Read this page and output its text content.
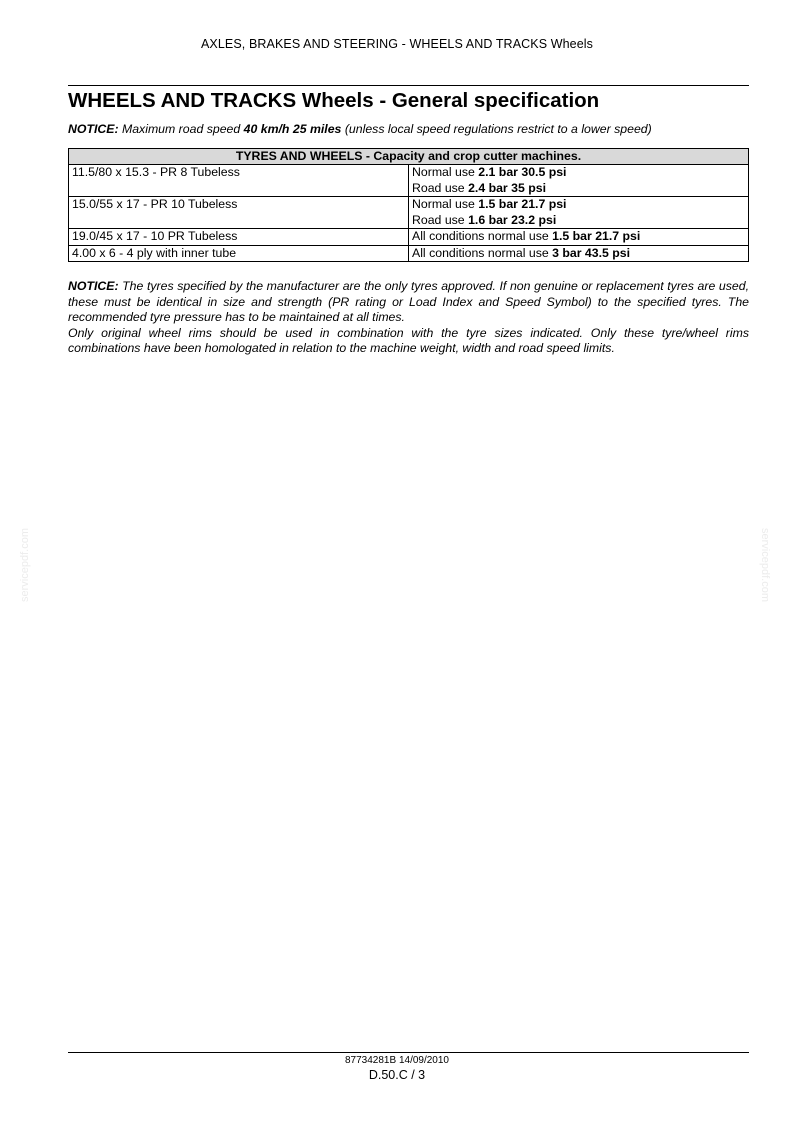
AXLES, BRAKES AND STEERING - WHEELS AND TRACKS Wheels
WHEELS AND TRACKS Wheels - General specification
NOTICE: Maximum road speed 40 km/h 25 miles (unless local speed regulations restrict to a lower speed)
TYRES AND WHEELS - Capacity and crop cutter machines.	
11.5/80 x 15.3 - PR 8 Tubeless	Normal use 2.1 bar 30.5 psi
Road use 2.4 bar 35 psi

15.0/55 x 17 - PR 10 Tubeless	Normal use 1.5 bar 21.7 psi
Road use 1.6 bar 23.2 psi

19.0/45 x 17 - 10 PR Tubeless	All conditions normal use 1.5 bar 21.7 psi

4.00 x 6 - 4 ply with inner tube	All conditions normal use 3 bar 43.5 psi

NOTICE: The tyres specified by the manufacturer are the only tyres approved. If non genuine or replacement tyres are used, these must be identical in size and strength (PR rating or Load Index and Speed Symbol) to the specified tyres. The recommended tyre pressure has to be maintained at all times.

Only original wheel rims should be used in combination with the tyre sizes indicated. Only these tyre/wheel rims combinations have been homologated in relation to the machine weight, width and road speed limits.

servicepdf.com	servicepdf.com
87734281B 14/09/2010
D.50.C / 3
